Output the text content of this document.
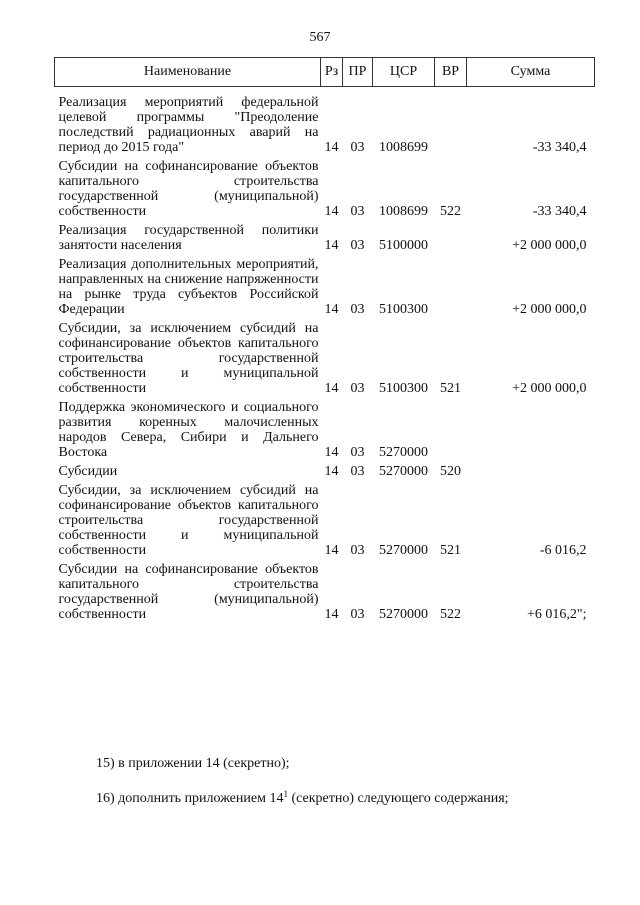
567
Наименование	Рз	ПР	ЦСР	ВР	Сумма

Реализация мероприятий федеральной целевой программы "Преодоление последствий радиационных аварий на период до 2015 года"	14	03	1008699		-33 340,4
Субсидии на софинансирование объектов капитального строительства государственной (муниципальной) собственности	14	03	1008699	522	-33 340,4
Реализация государственной политики занятости населения	14	03	5100000		+2 000 000,0
Реализация дополнительных мероприятий, направленных на снижение напряженности на рынке труда субъектов Российской Федерации	14	03	5100300		+2 000 000,0
Субсидии, за исключением субсидий на софинансирование объектов капитального строительства государственной собственности и муниципальной собственности	14	03	5100300	521	+2 000 000,0
Поддержка экономического и социального развития коренных малочисленных народов Севера, Сибири и Дальнего Востока	14	03	5270000		
Субсидии	14	03	5270000	520	
Субсидии, за исключением субсидий на софинансирование объектов капитального строительства государственной собственности и муниципальной собственности	14	03	5270000	521	-6 016,2
Субсидии на софинансирование объектов капитального строительства государственной (муниципальной) собственности	14	03	5270000	522	+6 016,2";
15) в приложении 14 (секретно);
16) дополнить приложением $14^1$ (секретно) следующего содержания;
